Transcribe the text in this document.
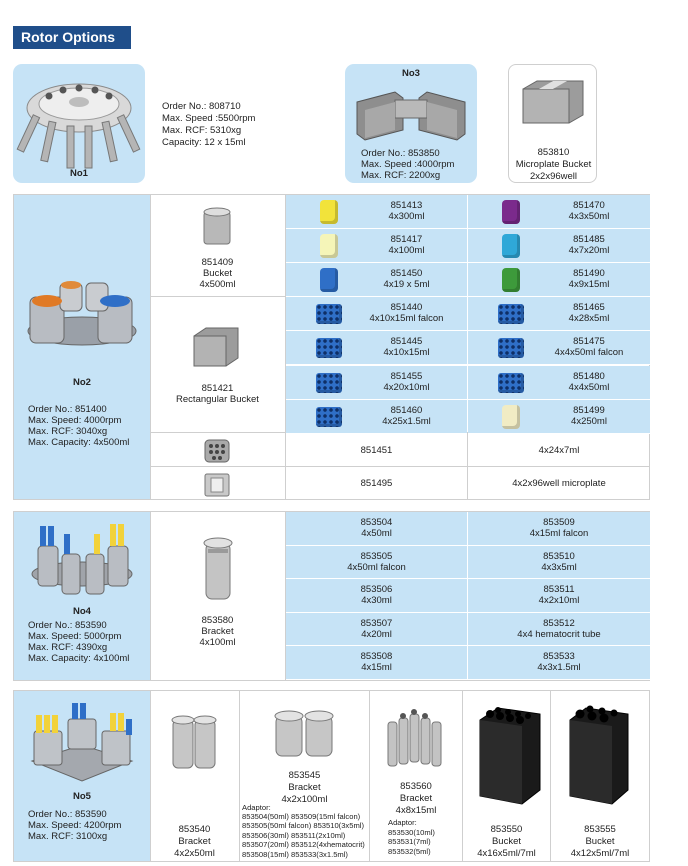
Rotor Options
No1
Order No.: 808710
Max. Speed :5500rpm
Max. RCF: 5310xg
Capacity: 12 x 15ml
No3
Order No.: 853850
Max. Speed :4000rpm
Max. RCF: 2200xg
853810
Microplate Bucket
2x2x96well
No2
Order No.: 851400
Max. Speed: 4000rpm
Max. RCF: 3040xg
Max. Capacity: 4x500ml
851409
Bucket
4x500ml
851421
Rectangular Bucket
851413
4x300ml
851470
4x3x50ml
851417
4x100ml
851485
4x7x20ml
851450
4x19 x 5ml
851490
4x9x15ml
851440
4x10x15ml falcon
851465
4x28x5ml
851445
4x10x15ml
851475
4x4x50ml falcon
851455
4x20x10ml
851480
4x4x50ml
851460
4x25x1.5ml
851499
4x250ml
851451	4x24x7ml
851495	4x2x96well microplate
No4
Order No.: 853590
Max. Speed: 5000rpm
Max. RCF: 4390xg
Max. Capacity: 4x100ml
853580
Bracket
4x100ml
853504
4x50ml
853509
4x15ml falcon
853505
4x50ml falcon
853510
4x3x5ml
853506
4x30ml
853511
4x2x10ml
853507
4x20ml
853512
4x4 hematocrit tube
853508
4x15ml
853533
4x3x1.5ml
No5
Order No.: 853590
Max. Speed: 4200rpm
Max. RCF: 3100xg
853540
Bracket
4x2x50ml
853545
Bracket
4x2x100ml
Adaptor:
853504(50ml) 853509(15ml falcon)
853505(50ml falcon) 853510(3x5ml)
853506(30ml) 853511(2x10ml)
853507(20ml) 853512(4xhematocrit)
853508(15ml) 853533(3x1.5ml)
853560
Bracket
4x8x15ml
Adaptor:
853530(10ml)
853531(7ml)
853532(5ml)
853550
Bucket
4x16x5ml/7ml
853555
Bucket
4x12x5ml/7ml
